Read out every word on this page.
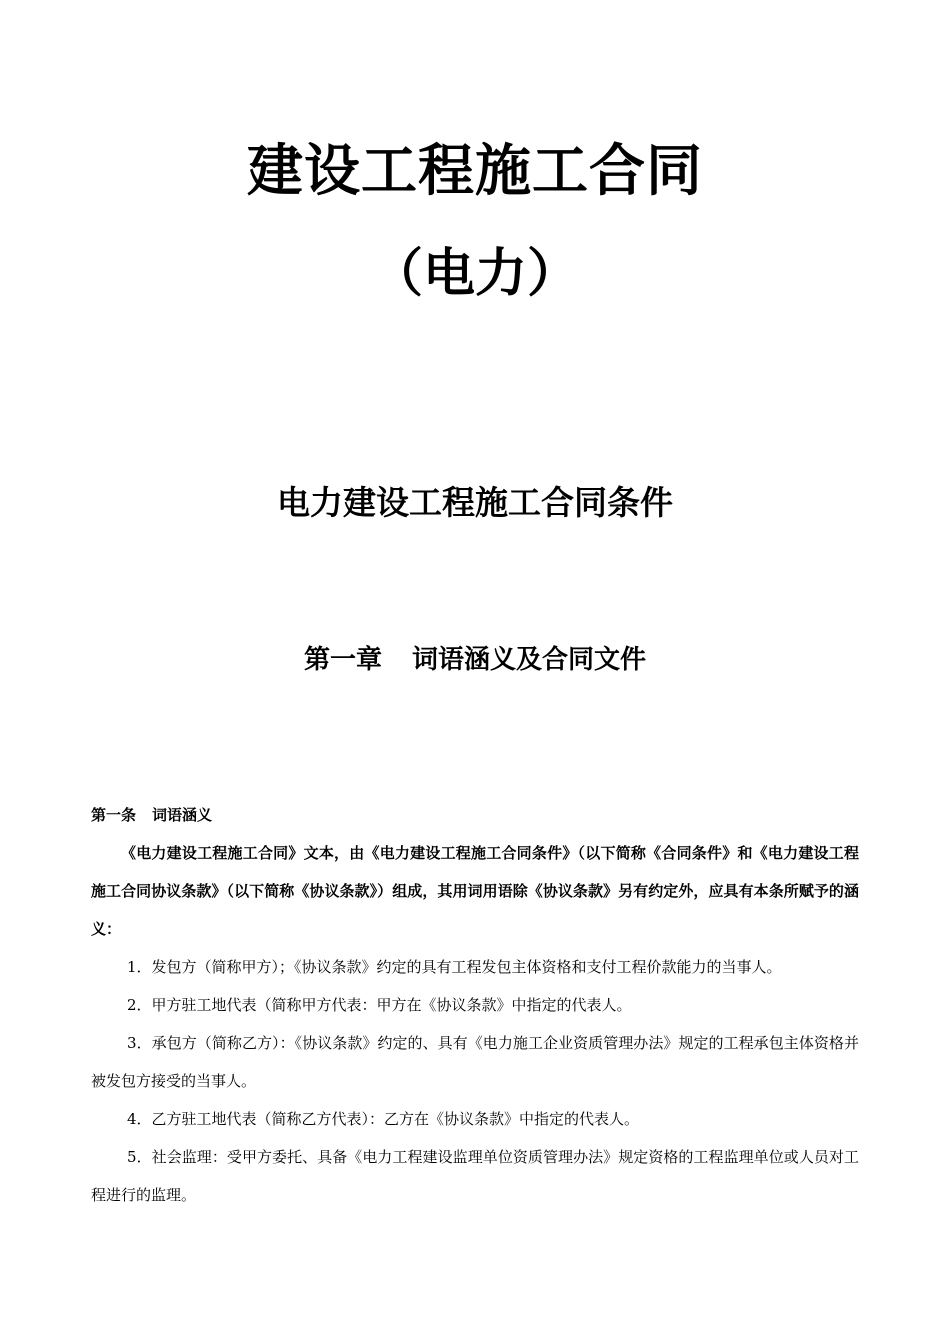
建设工程施工合同
（电力）
电力建设工程施工合同条件
第一章 词语涵义及合同文件

第一条 词语涵义

《电力建设工程施工合同》文本，由《电力建设工程施工合同条件》（以下简称《合同条件》和《电力建设工程施工合同协议条款》（以下简称《协议条款》）组成，其用词用语除《协议条款》另有约定外，应具有本条所赋予的涵义：

1．发包方（简称甲方）；《协议条款》约定的具有工程发包主体资格和支付工程价款能力的当事人。

2．甲方驻工地代表（简称甲方代表：甲方在《协议条款》中指定的代表人。

3．承包方（简称乙方）：《协议条款》约定的、具有《电力施工企业资质管理办法》规定的工程承包主体资格并被发包方接受的当事人。

4．乙方驻工地代表（简称乙方代表）：乙方在《协议条款》中指定的代表人。

5．社会监理：受甲方委托、具备《电力工程建设监理单位资质管理办法》规定资格的工程监理单位或人员对工程进行的监理。
